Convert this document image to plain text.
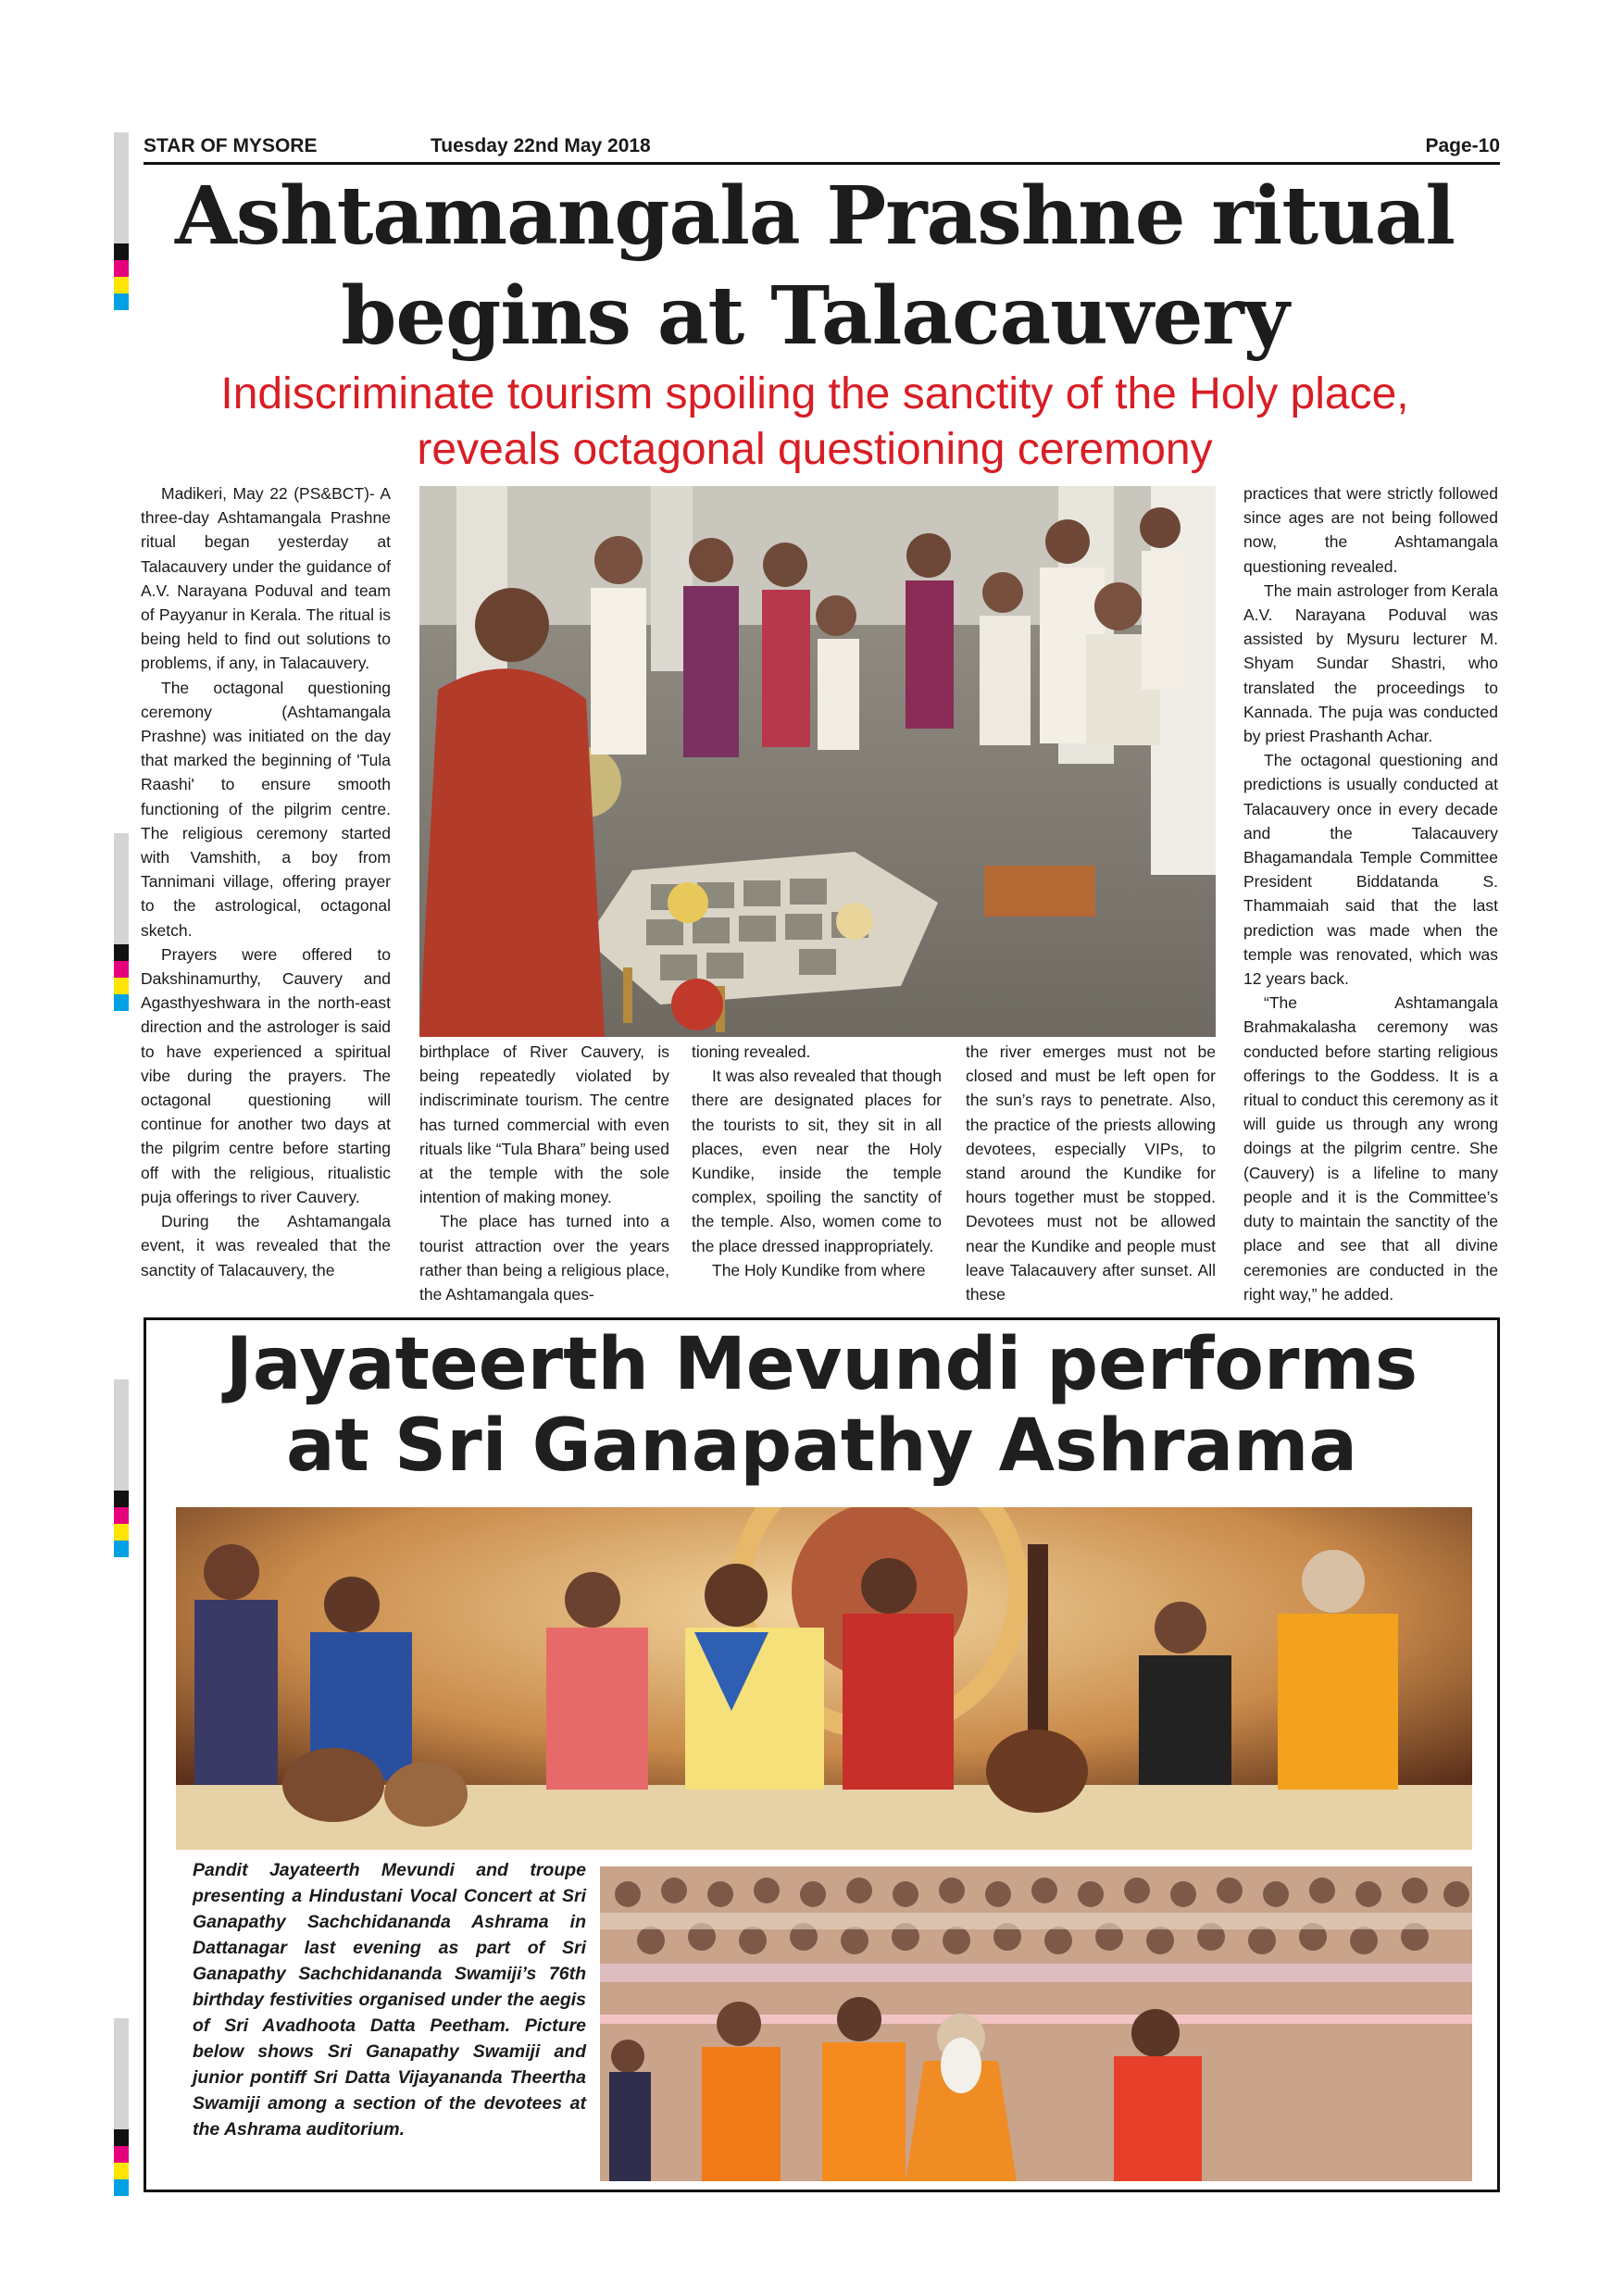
STAR OF MYSORE	Tuesday 22nd May 2018	Page-10
Ashtamangala Prashne ritual
begins at Talacauvery
Indiscriminate tourism spoiling the sanctity of the Holy place,
reveals octagonal questioning ceremony

Madikeri, May 22 (PS&BCT)- A three-day Ashtamangala Prashne ritual began yesterday at Talacauvery under the guidance of A.V. Narayana Poduval and team of Payyanur in Kerala. The ritual is being held to find out solutions to problems, if any, in Talacauvery.

The octagonal questioning ceremony (Ashtamangala Prashne) was initiated on the day that marked the beginning of 'Tula Raashi' to ensure smooth functioning of the pilgrim centre. The religious ceremony started with Vamshith, a boy from Tannimani village, offering prayer to the astrological, octagonal sketch.

Prayers were offered to Dakshinamurthy, Cauvery and Agasthyeshwara in the north-east direction and the astrologer is said to have experienced a spiritual vibe during the prayers. The octagonal questioning will continue for another two days at the pilgrim centre before starting off with the religious, ritualistic puja offerings to river Cauvery.

During the Ashtamangala event, it was revealed that the sanctity of Talacauvery, the

birthplace of River Cauvery, is being repeatedly violated by indiscriminate tourism. The centre has turned commercial with even rituals like “Tula Bhara” being used at the temple with the sole intention of making money.

The place has turned into a tourist attraction over the years rather than being a religious place, the Ashtamangala ques-

tioning revealed.

It was also revealed that though there are designated places for the tourists to sit, they sit in all places, even near the Holy Kundike, inside the temple complex, spoiling the sanctity of the temple. Also, women come to the place dressed inappropriately.

The Holy Kundike from where

the river emerges must not be closed and must be left open for the sun’s rays to penetrate. Also, the practice of the priests allowing devotees, especially VIPs, to stand around the Kundike for hours together must be stopped. Devotees must not be allowed near the Kundike and people must leave Talacauvery after sunset. All these

practices that were strictly followed since ages are not being followed now, the Ashtamangala questioning revealed.

The main astrologer from Kerala A.V. Narayana Poduval was assisted by Mysuru lecturer M. Shyam Sundar Shastri, who translated the proceedings to Kannada. The puja was conducted by priest Prashanth Achar.

The octagonal questioning and predictions is usually conducted at Talacauvery once in every decade and the Talacauvery Bhagamandala Temple Committee President Biddatanda S. Thammaiah said that the last prediction was made when the temple was renovated, which was 12 years back.

“The Ashtamangala Brahmakalasha ceremony was conducted before starting religious offerings to the Goddess. It is a ritual to conduct this ceremony as it will guide us through any wrong doings at the pilgrim centre. She (Cauvery) is a lifeline to many people and it is the Committee’s duty to maintain the sanctity of the place and see that all divine ceremonies are conducted in the right way,” he added.

Jayateerth Mevundi performs
at Sri Ganapathy Ashrama
Pandit Jayateerth Mevundi and troupe presenting a Hindustani Vocal Concert at Sri Ganapathy Sachchidananda Ashrama in Dattanagar last evening as part of Sri Ganapathy Sachchidananda Swamiji’s 76th birthday festivities organised under the aegis of Sri Avadhoota Datta Peetham. Picture below shows Sri Ganapathy Swamiji and junior pontiff Sri Datta Vijayananda Theertha Swamiji among a section of the devotees at the Ashrama auditorium.
